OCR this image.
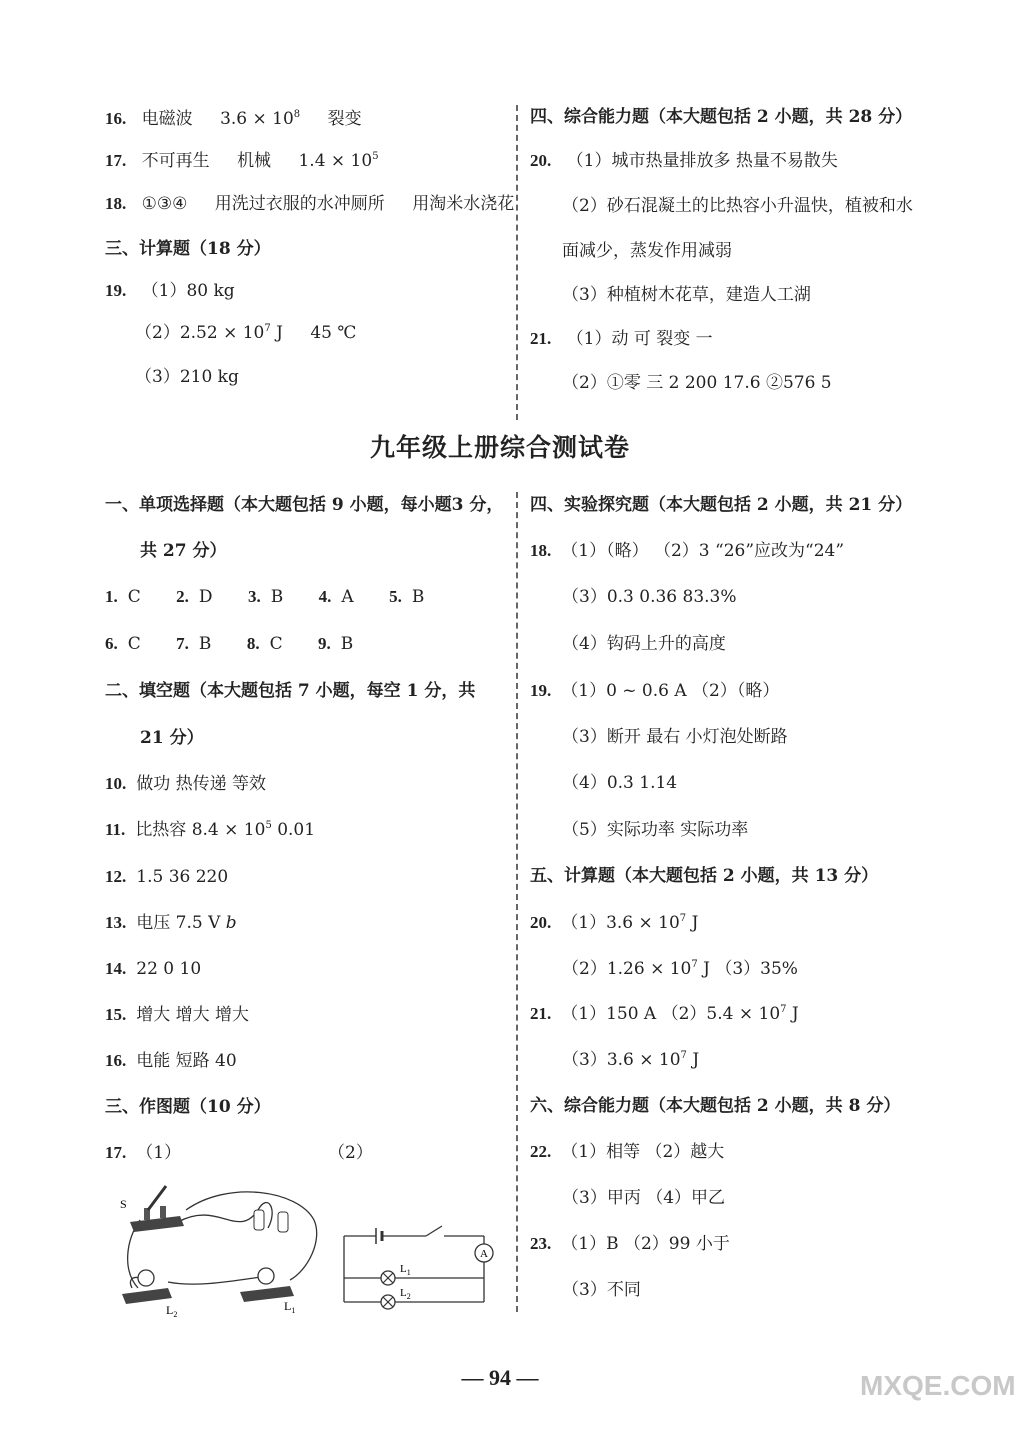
16. 电磁波 $3.6 \times 10^8$ 裂变
17. 不可再生 机械 $1.4 \times 10^5$
18. ①③④ 用洗过衣服的水冲厕所 用淘米水浇花
三、计算题（18 分）
19. （1）80 kg
$(2)2.52 \times 10^7$ J 45 ℃
（3）210 kg
四、综合能力题（本大题包括 2 小题，共 28 分）
20. （1）城市热量排放多 热量不易散失
（2）砂石混凝土的比热容小升温快，植被和水
面减少，蒸发作用减弱
（3）种植树木花草，建造人工湖
21. （1）动 可 裂变 一
（2）①零 三 2 200 17.6 ②576 5
九年级上册综合测试卷
一、单项选择题（本大题包括 9 小题，每小题3 分，
共 27 分）
1. C 2. D 3. B 4. A 5. B
6. C 7. B 8. C 9. B
二、填空题（本大题包括 7 小题，每空 1 分，共
21 分）
10. 做功 热传递 等效
11. 比热容 $8.4 \times 10^5$ 0.01
12. 1.5 36 220
13. 电压 7.5 V b
14. 22 0 10
15. 增大 增大 增大
16. 电能 短路 40
三、作图题（10 分）
17. （1）	（2）
S
$L_2$
$L_1$
A
$L_1$
$L_2$
四、实验探究题（本大题包括 2 小题，共 21 分）
18. （1）（略） （2）3 “26”应改为“24”
（3）0.3 0.36 83.3%
（4）钩码上升的高度
19. （1）0 ~ 0.6 A （2）（略）
（3）断开 最右 小灯泡处断路
（4）0.3 1.14
（5）实际功率 实际功率
五、计算题（本大题包括 2 小题，共 13 分）
20. $(1)3.6 \times 10^7$ J
$(2)1.26 \times 10^7$ J （3）35%
21. （1）150 A $(2)5.4 \times 10^7$ J
$(3)3.6 \times 10^7$ J
六、综合能力题（本大题包括 2 小题，共 8 分）
22. （1）相等 （2）越大
（3）甲丙 （4）甲乙
23. （1）B （2）99 小于
（3）不同
— 94 —	MXQE.COM
